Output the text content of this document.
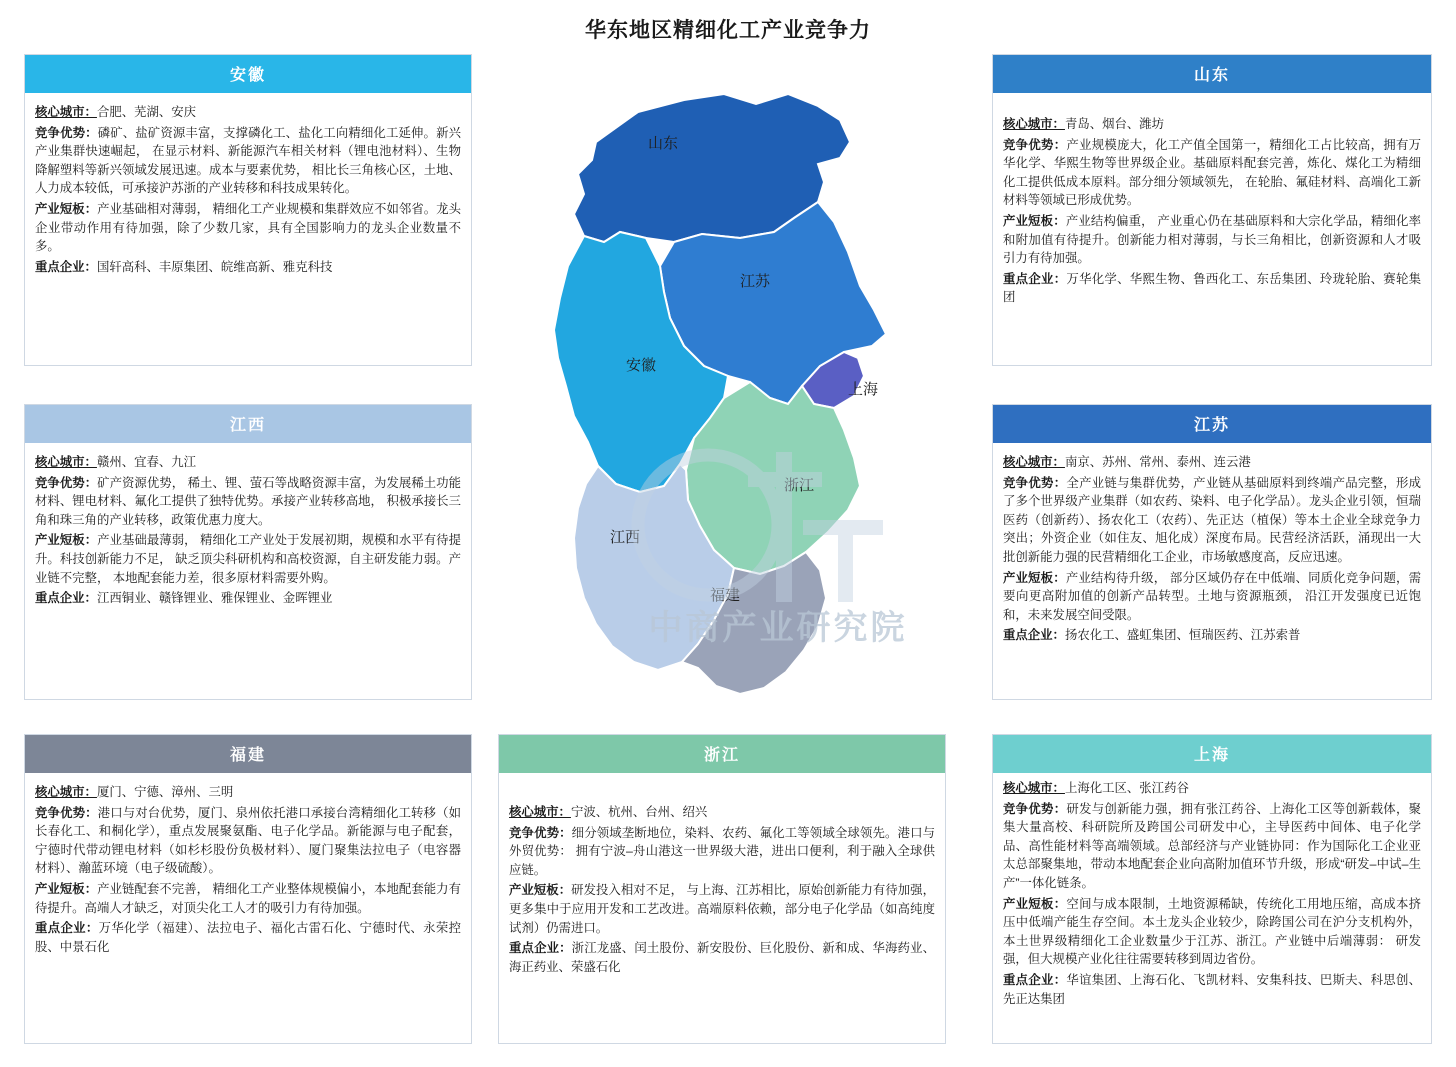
华东地区精细化工产业竞争力
山东
江苏
安徽
上海
浙江
江西
福建
中商产业研究院
安徽

核心城市：合肥、芜湖、安庆

竞争优势：磷矿、盐矿资源丰富，支撑磷化工、盐化工向精细化工延伸。新兴产业集群快速崛起， 在显示材料、新能源汽车相关材料（锂电池材料）、生物降解塑料等新兴领域发展迅速。成本与要素优势， 相比长三角核心区，土地、人力成本较低，可承接沪苏浙的产业转移和科技成果转化。

产业短板：产业基础相对薄弱， 精细化工产业规模和集群效应不如邻省。龙头企业带动作用有待加强，除了少数几家，具有全国影响力的龙头企业数量不多。

重点企业：国轩高科、丰原集团、皖维高新、雅克科技

江西

核心城市：赣州、宜春、九江

竞争优势：矿产资源优势， 稀土、锂、萤石等战略资源丰富，为发展稀土功能材料、锂电材料、氟化工提供了独特优势。承接产业转移高地， 积极承接长三角和珠三角的产业转移，政策优惠力度大。

产业短板：产业基础最薄弱， 精细化工产业处于发展初期，规模和水平有待提升。科技创新能力不足， 缺乏顶尖科研机构和高校资源，自主研发能力弱。产业链不完整， 本地配套能力差，很多原材料需要外购。

重点企业：江西铜业、赣锋锂业、雅保锂业、金晖锂业

福建

核心城市：厦门、宁德、漳州、三明

竞争优势：港口与对台优势，厦门、泉州依托港口承接台湾精细化工转移（如长春化工、和桐化学），重点发展聚氨酯、电子化学品。新能源与电子配套，宁德时代带动锂电材料（如杉杉股份负极材料）、厦门聚集法拉电子（电容器材料）、瀚蓝环境（电子级硫酸）。

产业短板：产业链配套不完善， 精细化工产业整体规模偏小，本地配套能力有待提升。高端人才缺乏，对顶尖化工人才的吸引力有待加强。

重点企业：万华化学（福建）、法拉电子、福化古雷石化、宁德时代、永荣控股、中景石化

浙江

核心城市：宁波、杭州、台州、绍兴

竞争优势：细分领域垄断地位，染料、农药、氟化工等领域全球领先。港口与外贸优势： 拥有宁波–舟山港这一世界级大港，进出口便利，利于融入全球供应链。

产业短板：研发投入相对不足， 与上海、江苏相比，原始创新能力有待加强，更多集中于应用开发和工艺改进。高端原料依赖，部分电子化学品（如高纯度试剂）仍需进口。

重点企业：浙江龙盛、闰土股份、新安股份、巨化股份、新和成、华海药业、海正药业、荣盛石化

山东

核心城市：青岛、烟台、潍坊

竞争优势：产业规模庞大，化工产值全国第一，精细化工占比较高，拥有万华化学、华熙生物等世界级企业。基础原料配套完善，炼化、煤化工为精细化工提供低成本原料。部分细分领域领先， 在轮胎、氟硅材料、高端化工新材料等领域已形成优势。

产业短板：产业结构偏重， 产业重心仍在基础原料和大宗化学品，精细化率和附加值有待提升。创新能力相对薄弱，与长三角相比，创新资源和人才吸引力有待加强。

重点企业：万华化学、华熙生物、鲁西化工、东岳集团、玲珑轮胎、赛轮集团

江苏

核心城市：南京、苏州、常州、泰州、连云港

竞争优势：全产业链与集群优势，产业链从基础原料到终端产品完整，形成了多个世界级产业集群（如农药、染料、电子化学品）。龙头企业引领，恒瑞医药（创新药）、扬农化工（农药）、先正达（植保）等本土企业全球竞争力突出；外资企业（如住友、旭化成）深度布局。民营经济活跃，涌现出一大批创新能力强的民营精细化工企业，市场敏感度高，反应迅速。

产业短板：产业结构待升级， 部分区域仍存在中低端、同质化竞争问题，需要向更高附加值的创新产品转型。土地与资源瓶颈， 沿江开发强度已近饱和，未来发展空间受限。

重点企业：扬农化工、盛虹集团、恒瑞医药、江苏索普

上海

核心城市：上海化工区、张江药谷

竞争优势：研发与创新能力强，拥有张江药谷、上海化工区等创新载体，聚集大量高校、科研院所及跨国公司研发中心，主导医药中间体、电子化学品、高性能材料等高端领域。总部经济与产业链协同：作为国际化工企业亚太总部聚集地，带动本地配套企业向高附加值环节升级，形成“研发–中试–生产”一体化链条。

产业短板：空间与成本限制，土地资源稀缺，传统化工用地压缩，高成本挤压中低端产能生存空间。本土龙头企业较少，除跨国公司在沪分支机构外，本土世界级精细化工企业数量少于江苏、浙江。产业链中后端薄弱： 研发强，但大规模产业化往往需要转移到周边省份。

重点企业：华谊集团、上海石化、飞凯材料、安集科技、巴斯夫、科思创、先正达集团
